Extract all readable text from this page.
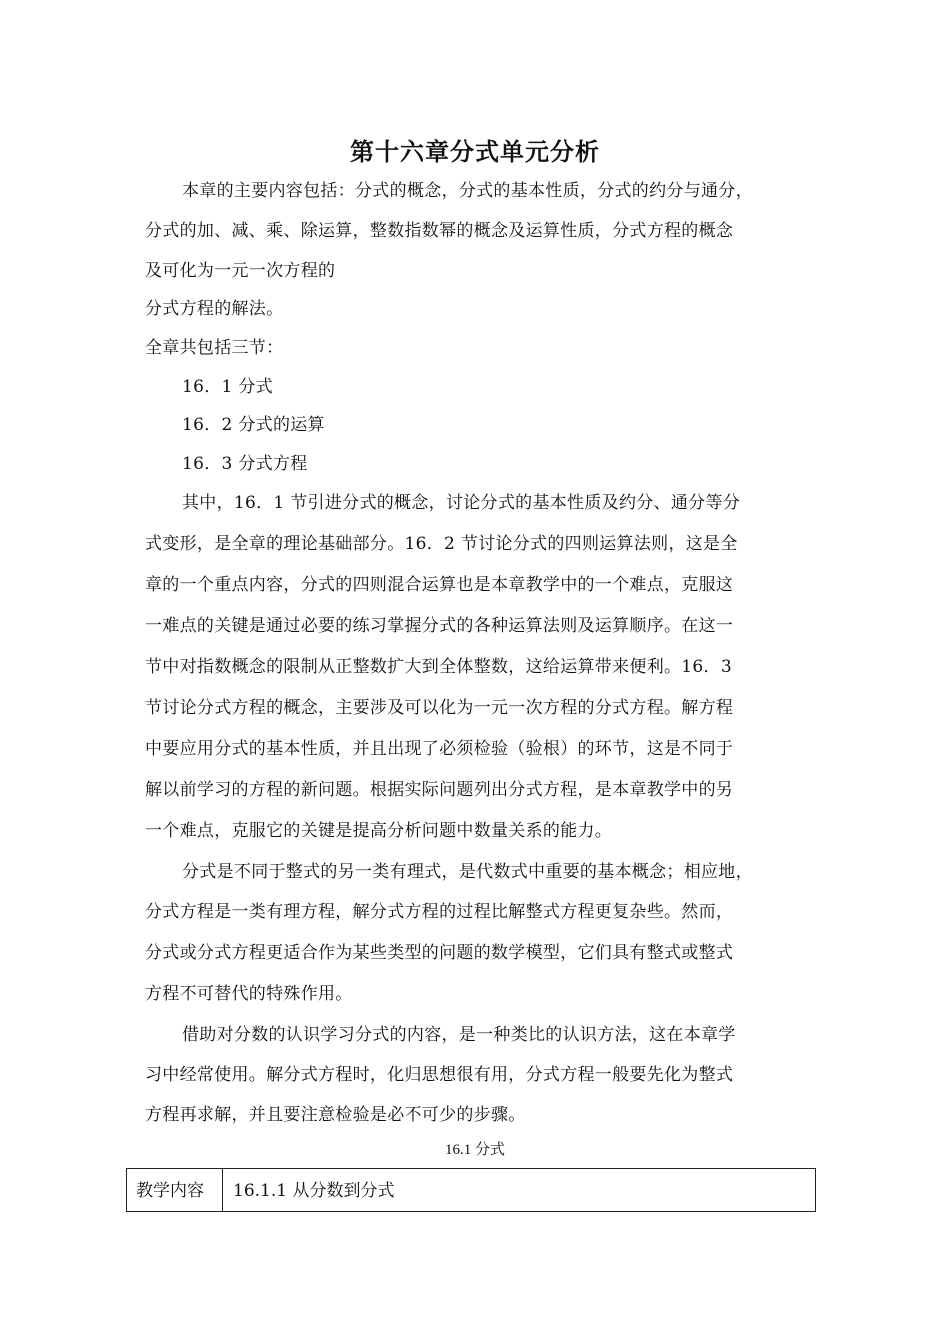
第十六章分式单元分析
本章的主要内容包括：分式的概念，分式的基本性质，分式的约分与通分，
分式的加、减、乘、除运算，整数指数幂的概念及运算性质，分式方程的概念
及可化为一元一次方程的
分式方程的解法。
全章共包括三节：
16．1 分式
16．2 分式的运算
16．3 分式方程
其中，16．1 节引进分式的概念，讨论分式的基本性质及约分、通分等分
式变形，是全章的理论基础部分。16．2 节讨论分式的四则运算法则，这是全
章的一个重点内容，分式的四则混合运算也是本章教学中的一个难点，克服这
一难点的关键是通过必要的练习掌握分式的各种运算法则及运算顺序。在这一
节中对指数概念的限制从正整数扩大到全体整数，这给运算带来便利。16．3
节讨论分式方程的概念，主要涉及可以化为一元一次方程的分式方程。解方程
中要应用分式的基本性质，并且出现了必须检验（验根）的环节，这是不同于
解以前学习的方程的新问题。根据实际问题列出分式方程，是本章教学中的另
一个难点，克服它的关键是提高分析问题中数量关系的能力。
分式是不同于整式的另一类有理式，是代数式中重要的基本概念；相应地，
分式方程是一类有理方程，解分式方程的过程比解整式方程更复杂些。然而，
分式或分式方程更适合作为某些类型的问题的数学模型，它们具有整式或整式
方程不可替代的特殊作用。
借助对分数的认识学习分式的内容，是一种类比的认识方法，这在本章学
习中经常使用。解分式方程时，化归思想很有用，分式方程一般要先化为整式
方程再求解，并且要注意检验是必不可少的步骤。
16.1 分式
教学内容	16.1.1 从分数到分式
